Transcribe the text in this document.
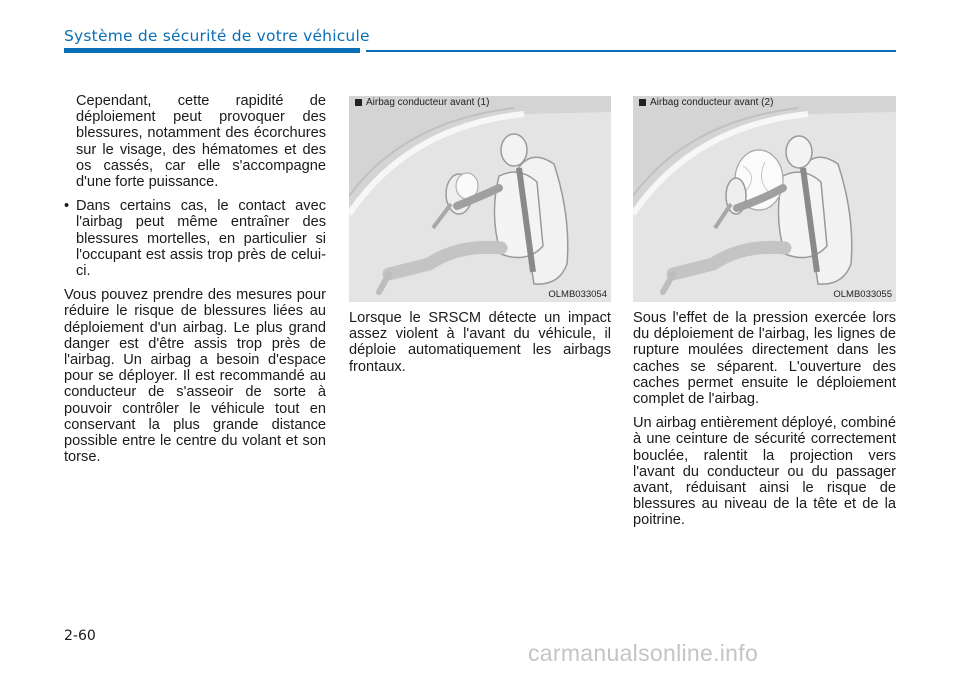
Système de sécurité de votre véhicule

Cependant, cette rapidité de déploiement peut provoquer des blessures, notamment des écorchures sur le visage, des hématomes et des os cassés, car elle s'accompagne d'une forte puissance.

• Dans certains cas, le contact avec l'airbag peut même entraîner des blessures mortelles, en particulier si l'occupant est assis trop près de celui-ci.

Vous pouvez prendre des mesures pour réduire le risque de blessures liées au déploiement d'un airbag. Le plus grand danger est d'être assis trop près de l'airbag. Un airbag a besoin d'espace pour se déployer. Il est recommandé au conducteur de s'asseoir de sorte à pouvoir contrôler le véhicule tout en conservant la plus grande distance possible entre le centre du volant et son torse.

Airbag conducteur avant (1)
OLMB033054
Airbag conducteur avant (2)
OLMB033055

Lorsque le SRSCM détecte un impact assez violent à l'avant du véhicule, il déploie automatiquement les airbags frontaux.

Sous l'effet de la pression exercée lors du déploiement de l'airbag, les lignes de rupture moulées directement dans les caches se séparent. L'ouverture des caches permet ensuite le déploiement complet de l'airbag.

Un airbag entièrement déployé, combiné à une ceinture de sécurité correctement bouclée, ralentit la projection vers l'avant du conducteur ou du passager avant, réduisant ainsi le risque de blessures au niveau de la tête et de la poitrine.

2-60
carmanualsonline.info
